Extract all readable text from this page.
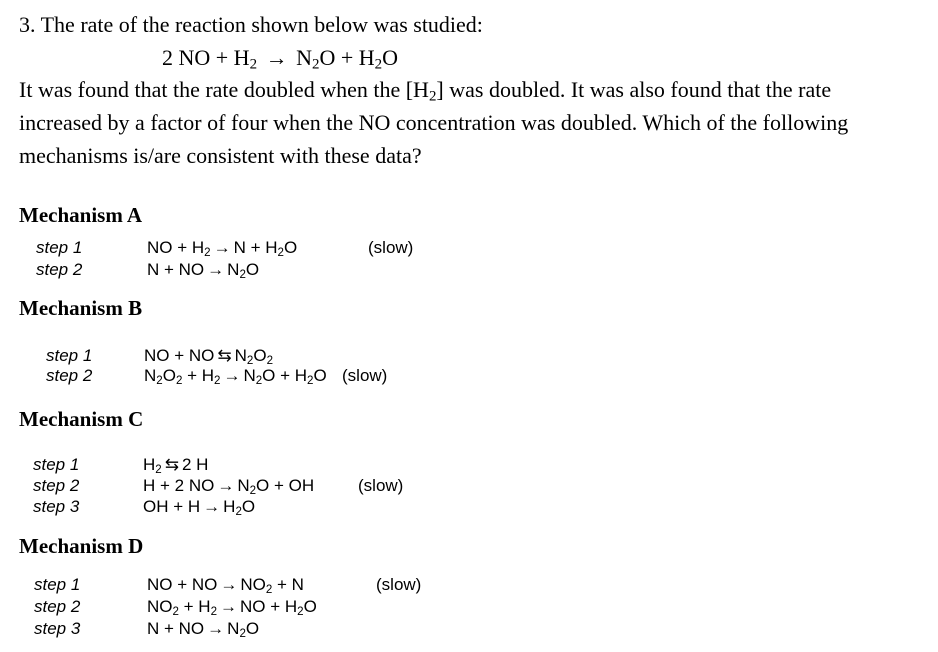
3. The rate of the reaction shown below was studied:
2 NO + $H_2 \to N_2O + H_2O$
It was found that the rate doubled when the $[H_2]$ was doubled. It was also found that the rate
increased by a factor of four when the NO concentration was doubled. Which of the following
mechanisms is/are consistent with these data?
Mechanism A
step 1
step 2
NO + $H_2 \to N + H_2O$
N + NO → $N_2O$
(slow)
Mechanism B
step 1
step 2
NO + NO ⇆ $N_2O_2$
$N_2O_2 + H_2 \to N_2O + H_2O$ (slow)
Mechanism C
step 1
step 2
step 3
$H_2$ ⇆ 2 H
H + 2 NO → $N_2O$ + OH
OH + $H \to H_2O$
(slow)
Mechanism D
step 1
step 2
step 3
NO + NO → $NO_2 + N$
$NO_2 + H_2$ → NO + $H_2O$
N + NO → $N_2O$
(slow)
